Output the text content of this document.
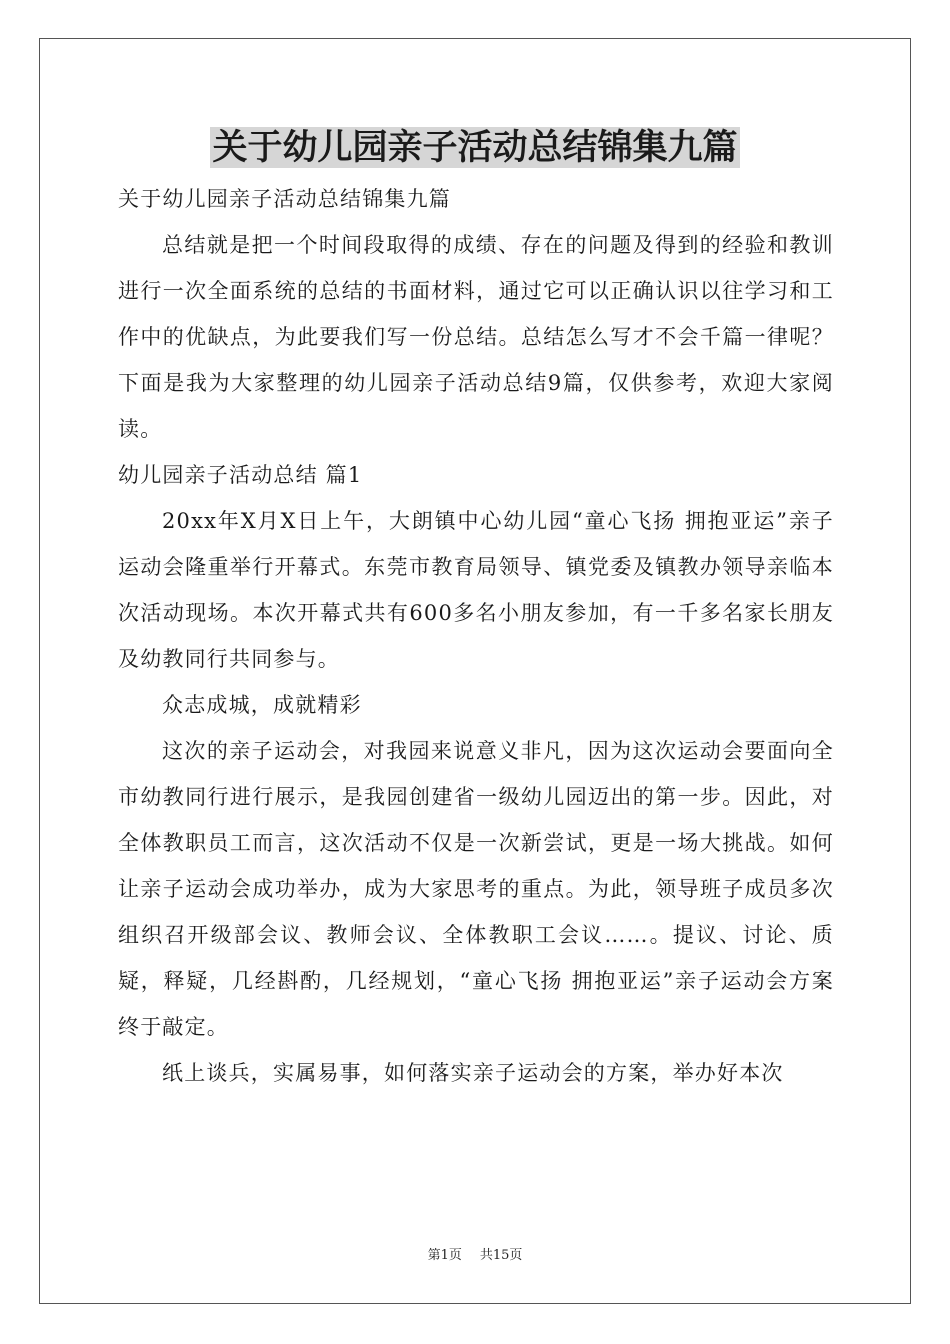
关于幼儿园亲子活动总结锦集九篇

关于幼儿园亲子活动总结锦集九篇

总结就是把一个时间段取得的成绩、存在的问题及得到的经验和教训进行一次全面系统的总结的书面材料，通过它可以正确认识以往学习和工作中的优缺点，为此要我们写一份总结。总结怎么写才不会千篇一律呢？下面是我为大家整理的幼儿园亲子活动总结9篇，仅供参考，欢迎大家阅读。

幼儿园亲子活动总结 篇1

20xx年X月X日上午，大朗镇中心幼儿园“童心飞扬 拥抱亚运”亲子运动会隆重举行开幕式。东莞市教育局领导、镇党委及镇教办领导亲临本次活动现场。本次开幕式共有600多名小朋友参加，有一千多名家长朋友及幼教同行共同参与。

众志成城，成就精彩

这次的亲子运动会，对我园来说意义非凡，因为这次运动会要面向全市幼教同行进行展示，是我园创建省一级幼儿园迈出的第一步。因此，对全体教职员工而言，这次活动不仅是一次新尝试，更是一场大挑战。如何让亲子运动会成功举办，成为大家思考的重点。为此，领导班子成员多次组织召开级部会议、教师会议、全体教职工会议……。提议、讨论、质疑，释疑，几经斟酌，几经规划，“童心飞扬 拥抱亚运”亲子运动会方案终于敲定。

纸上谈兵，实属易事，如何落实亲子运动会的方案，举办好本次

第1页 共15页
